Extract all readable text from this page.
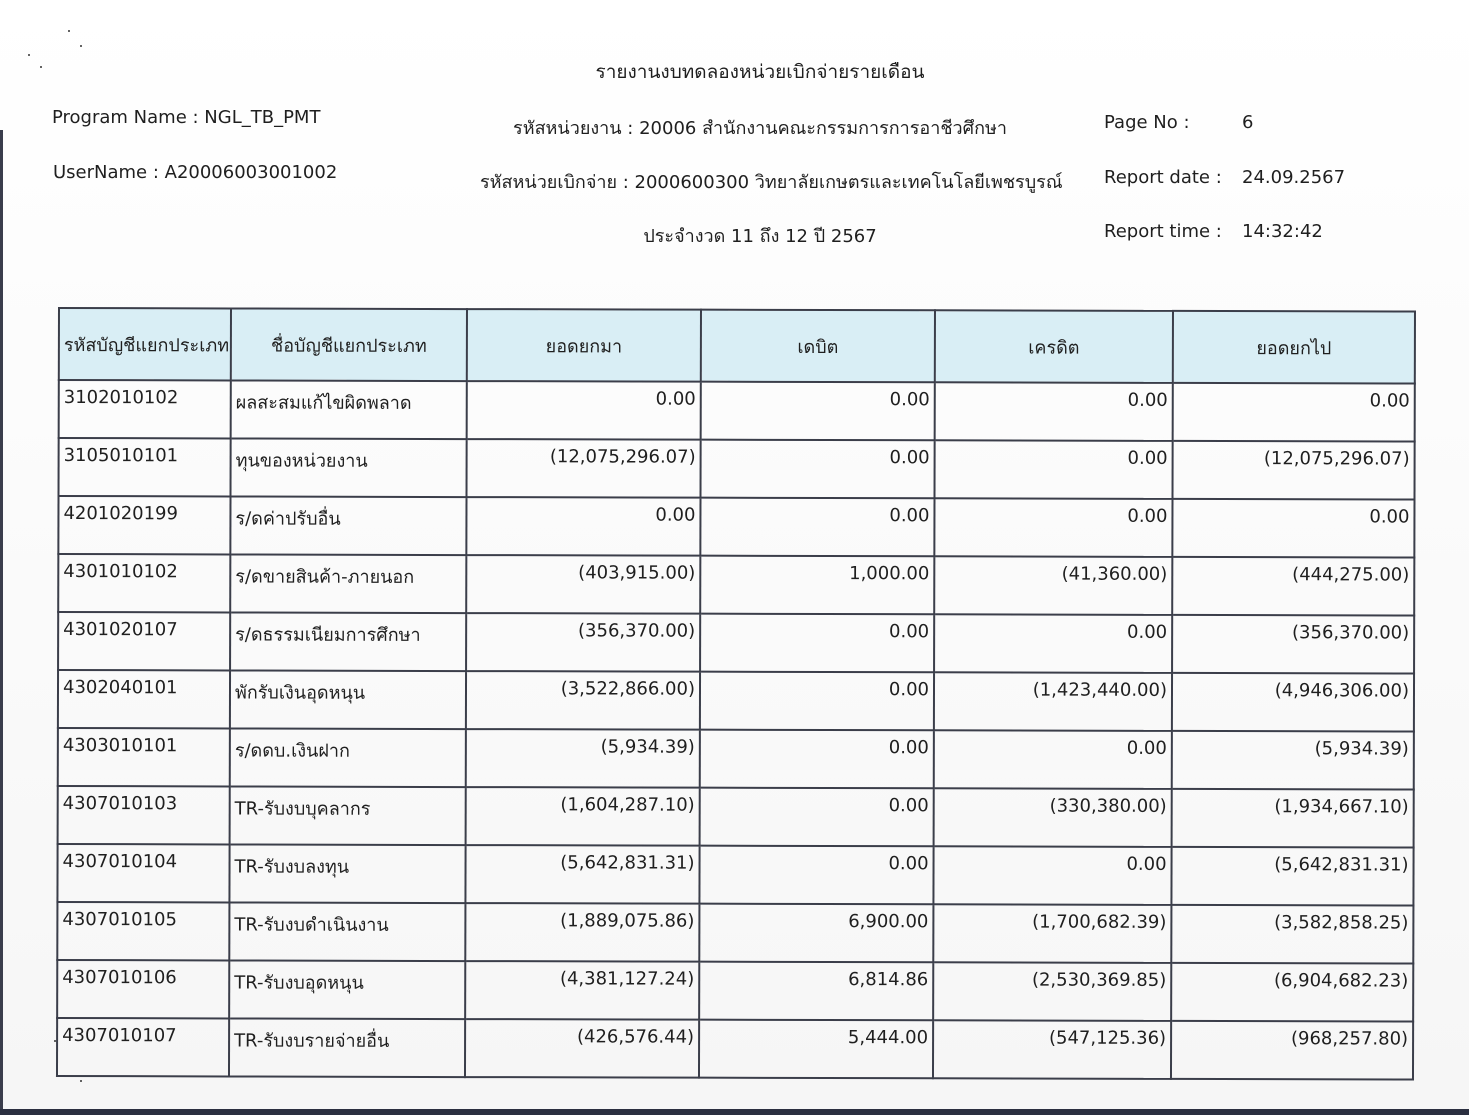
รายงานงบทดลองหน่วยเบิกจ่ายรายเดือน
Program Name : NGL_TB_PMT
UserName : A20006003001002
รหัสหน่วยงาน : 20006 สำนักงานคณะกรรมการการอาชีวศึกษา
รหัสหน่วยเบิกจ่าย : 2000600300 วิทยาลัยเกษตรและเทคโนโลยีเพชรบูรณ์
ประจำงวด 11 ถึง 12 ปี 2567
Page No :	6
Report date : 24.09.2567
Report time : 14:32:42
รหัสบัญชีแยกประเภท	ชื่อบัญชีแยกประเภท	ยอดยกมา	เดบิต	เครดิต	ยอดยกไป
3102010102	ผลสะสมแก้ไขผิดพลาด	0.00	0.00	0.00	0.00
3105010101	ทุนของหน่วยงาน	(12,075,296.07)	0.00	0.00	(12,075,296.07)
4201020199	ร/ดค่าปรับอื่น	0.00	0.00	0.00	0.00
4301010102	ร/ดขายสินค้า-ภายนอก	(403,915.00)	1,000.00	(41,360.00)	(444,275.00)
4301020107	ร/ดธรรมเนียมการศึกษา	(356,370.00)	0.00	0.00	(356,370.00)
4302040101	พักรับเงินอุดหนุน	(3,522,866.00)	0.00	(1,423,440.00)	(4,946,306.00)
4303010101	ร/ดดบ.เงินฝาก	(5,934.39)	0.00	0.00	(5,934.39)
4307010103	TR-รับงบบุคลากร	(1,604,287.10)	0.00	(330,380.00)	(1,934,667.10)
4307010104	TR-รับงบลงทุน	(5,642,831.31)	0.00	0.00	(5,642,831.31)
4307010105	TR-รับงบดำเนินงาน	(1,889,075.86)	6,900.00	(1,700,682.39)	(3,582,858.25)
4307010106	TR-รับงบอุดหนุน	(4,381,127.24)	6,814.86	(2,530,369.85)	(6,904,682.23)
4307010107	TR-รับงบรายจ่ายอื่น	(426,576.44)	5,444.00	(547,125.36)	(968,257.80)
